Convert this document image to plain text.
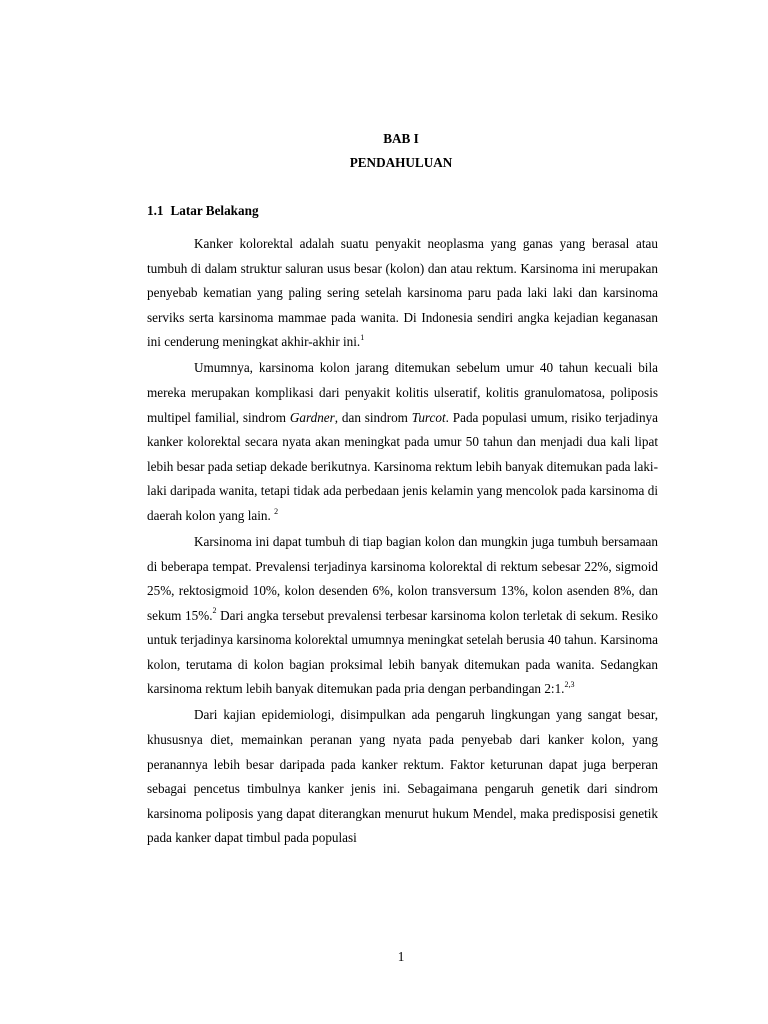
BAB I
PENDAHULUAN
1.1 Latar Belakang

Kanker kolorektal adalah suatu penyakit neoplasma yang ganas yang berasal atau tumbuh di dalam struktur saluran usus besar (kolon) dan atau rektum. Karsinoma ini merupakan penyebab kematian yang paling sering setelah karsinoma paru pada laki laki dan karsinoma serviks serta karsinoma mammae pada wanita. Di Indonesia sendiri angka kejadian keganasan ini cenderung meningkat akhir-akhir ini.$^1$

Umumnya, karsinoma kolon jarang ditemukan sebelum umur 40 tahun kecuali bila mereka merupakan komplikasi dari penyakit kolitis ulseratif, kolitis granulomatosa, poliposis multipel familial, sindrom Gardner, dan sindrom Turcot. Pada populasi umum, risiko terjadinya kanker kolorektal secara nyata akan meningkat pada umur 50 tahun dan menjadi dua kali lipat lebih besar pada setiap dekade berikutnya. Karsinoma rektum lebih banyak ditemukan pada laki-laki daripada wanita, tetapi tidak ada perbedaan jenis kelamin yang mencolok pada karsinoma di daerah kolon yang lain. $^2$

Karsinoma ini dapat tumbuh di tiap bagian kolon dan mungkin juga tumbuh bersamaan di beberapa tempat. Prevalensi terjadinya karsinoma kolorektal di rektum sebesar 22%, sigmoid 25%, rektosigmoid 10%, kolon desenden 6%, kolon transversum 13%, kolon asenden 8%, dan sekum 15%.$^2$ Dari angka tersebut prevalensi terbesar karsinoma kolon terletak di sekum. Resiko untuk terjadinya karsinoma kolorektal umumnya meningkat setelah berusia 40 tahun. Karsinoma kolon, terutama di kolon bagian proksimal lebih banyak ditemukan pada wanita. Sedangkan karsinoma rektum lebih banyak ditemukan pada pria dengan perbandingan 2:1.$^{2,3}$

Dari kajian epidemiologi, disimpulkan ada pengaruh lingkungan yang sangat besar, khususnya diet, memainkan peranan yang nyata pada penyebab dari kanker kolon, yang peranannya lebih besar daripada pada kanker rektum. Faktor keturunan dapat juga berperan sebagai pencetus timbulnya kanker jenis ini. Sebagaimana pengaruh genetik dari sindrom karsinoma poliposis yang dapat diterangkan menurut hukum Mendel, maka predisposisi genetik pada kanker dapat timbul pada populasi

1
